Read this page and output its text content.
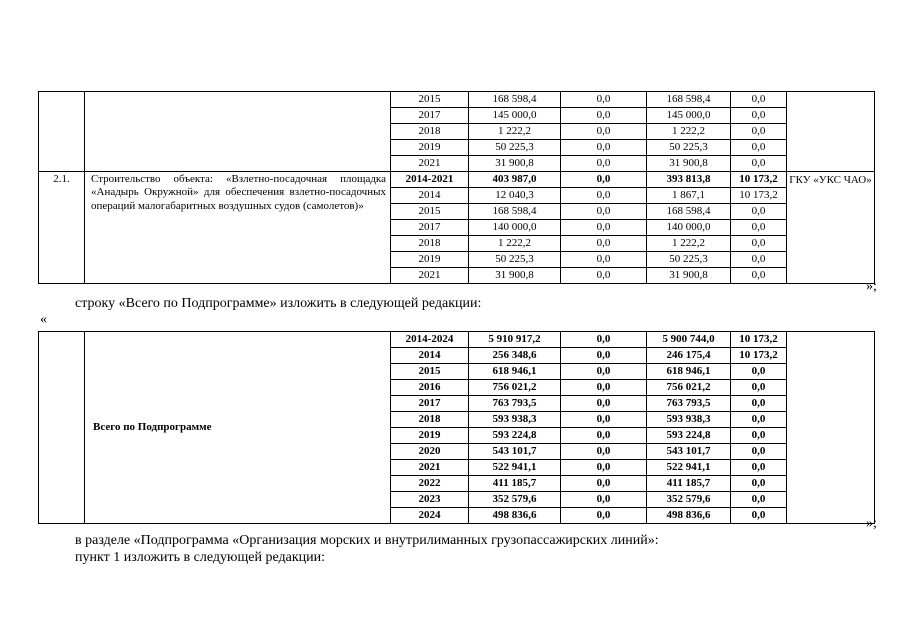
		2015	168 598,4	0,0	168 598,4	0,0	
		2017	145 000,0	0,0	145 000,0	0,0	
		2018	1 222,2	0,0	1 222,2	0,0	
		2019	50 225,3	0,0	50 225,3	0,0	
		2021	31 900,8	0,0	31 900,8	0,0	
2.1.	Строительство объекта: «Взлетно-посадочная площадка «Анадырь Окружной» для обеспечения взлетно-посадочных операций малогабаритных воздушных судов (самолетов)»	2014-2021	403 987,0	0,0	393 813,8	10 173,2	ГКУ «УКС ЧАО»
		2014	12 040,3	0,0	1 867,1	10 173,2	
		2015	168 598,4	0,0	168 598,4	0,0	
		2017	140 000,0	0,0	140 000,0	0,0	
		2018	1 222,2	0,0	1 222,2	0,0	
		2019	50 225,3	0,0	50 225,3	0,0	
		2021	31 900,8	0,0	31 900,8	0,0	
»;
строку «Всего по Подпрограмме» изложить в следующей редакции:
«
	Всего по Подпрограмме	2014-2024	5 910 917,2	0,0	5 900 744,0	10 173,2	
		2014	256 348,6	0,0	246 175,4	10 173,2	
		2015	618 946,1	0,0	618 946,1	0,0	
		2016	756 021,2	0,0	756 021,2	0,0	
		2017	763 793,5	0,0	763 793,5	0,0	
		2018	593 938,3	0,0	593 938,3	0,0	
		2019	593 224,8	0,0	593 224,8	0,0	
		2020	543 101,7	0,0	543 101,7	0,0	
		2021	522 941,1	0,0	522 941,1	0,0	
		2022	411 185,7	0,0	411 185,7	0,0	
		2023	352 579,6	0,0	352 579,6	0,0	
		2024	498 836,6	0,0	498 836,6	0,0	
»;
в разделе «Подпрограмма «Организация морских и внутрилиманных грузопассажирских линий»:
пункт 1 изложить в следующей редакции:
